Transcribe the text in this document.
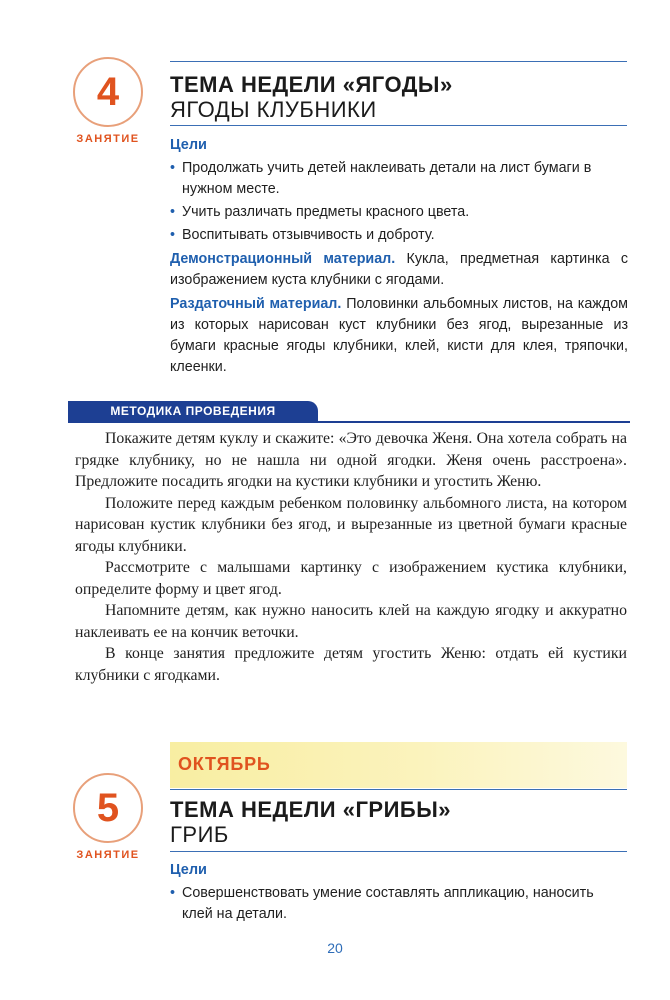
4
ЗАНЯТИЕ
ТЕМА НЕДЕЛИ «ЯГОДЫ»
ЯГОДЫ КЛУБНИКИ
Цели
• Продолжать учить детей наклеивать детали на лист бумаги в нужном месте.
• Учить различать предметы красного цвета.
• Воспитывать отзывчивость и доброту.
Демонстрационный материал. Кукла, предметная картинка с изображением куста клубники с ягодами.
Раздаточный материал. Половинки альбомных листов, на каждом из которых нарисован куст клубники без ягод, вырезанные из бумаги красные ягоды клубники, клей, кисти для клея, тряпочки, клеенки.
МЕТОДИКА ПРОВЕДЕНИЯ

Покажите детям куклу и скажите: «Это девочка Женя. Она хотела собрать на грядке клубнику, но не нашла ни одной ягодки. Женя очень расстроена». Предложите посадить ягодки на кустики клубники и угостить Женю.

Положите перед каждым ребенком половинку альбомного листа, на котором нарисован кустик клубники без ягод, и вырезанные из цветной бумаги красные ягоды клубники.

Рассмотрите с малышами картинку с изображением кустика клубники, определите форму и цвет ягод.

Напомните детям, как нужно наносить клей на каждую ягодку и аккуратно наклеивать ее на кончик веточки.

В конце занятия предложите детям угостить Женю: отдать ей кустики клубники с ягодками.

ОКТЯБРЬ
5
ЗАНЯТИЕ
ТЕМА НЕДЕЛИ «ГРИБЫ»
ГРИБ
Цели
• Совершенствовать умение составлять аппликацию, наносить клей на детали.
20
